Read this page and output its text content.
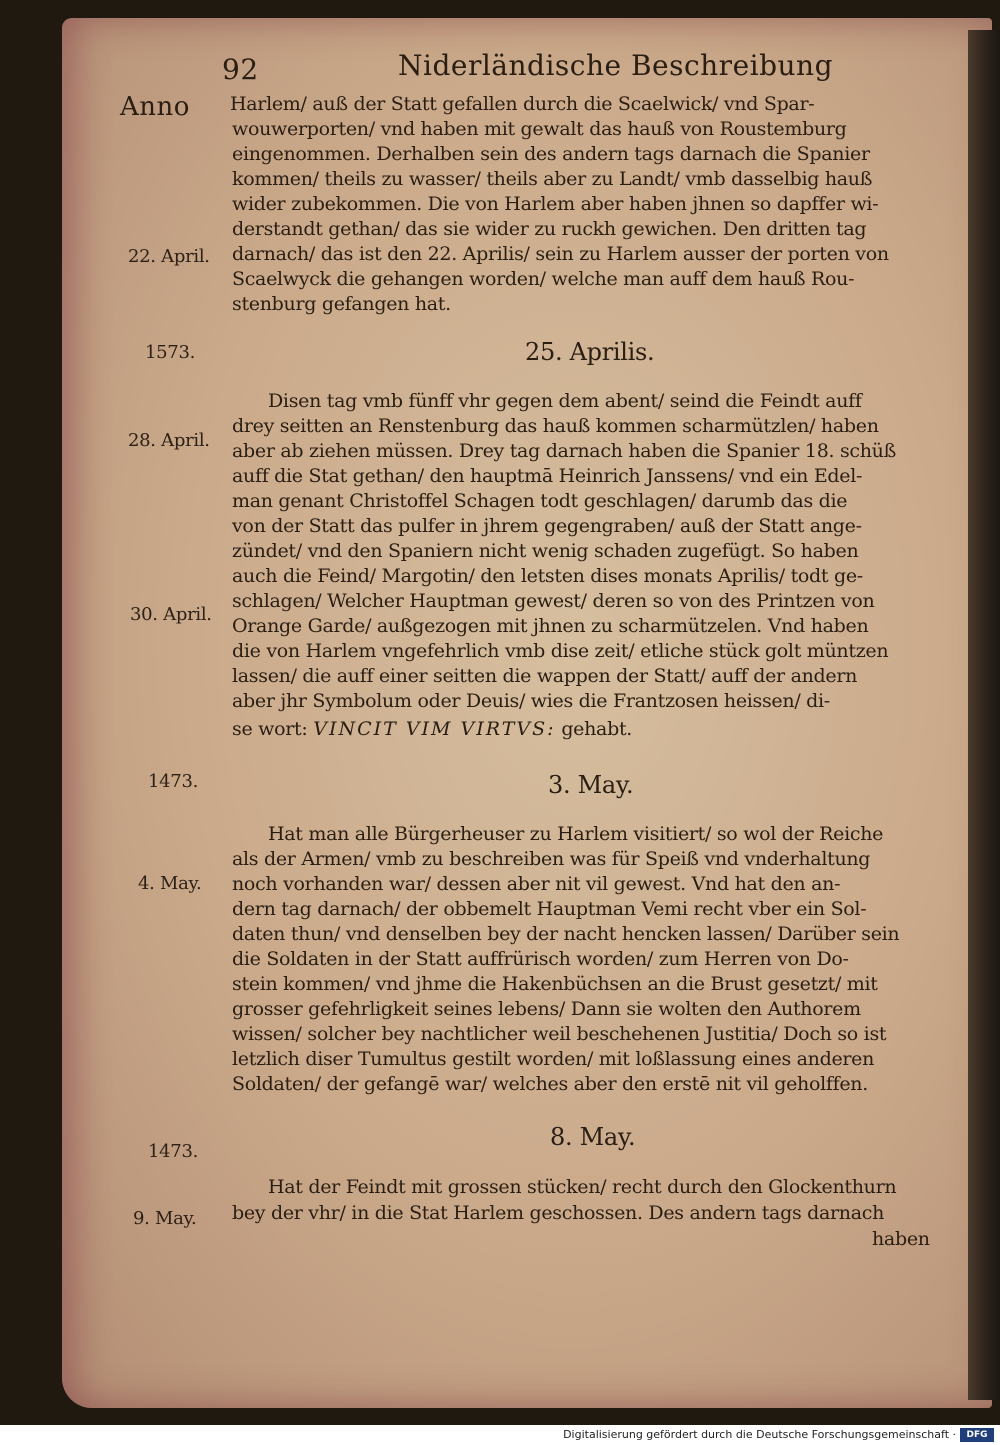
92	Niderländische Beschreibung
Anno
22. April.
1573.
28. April.
30. April.
1473.
4. May.
1473.
9. May.
Harlem/ auß der Statt gefallen durch die Scaelwick/ vnd Spar-
wouwerporten/ vnd haben mit gewalt das hauß von Roustemburg
eingenommen. Derhalben sein des andern tags darnach die Spanier
kommen/ theils zu wasser/ theils aber zu Landt/ vmb dasselbig hauß
wider zubekommen. Die von Harlem aber haben jhnen so dapffer wi-
derstandt gethan/ das sie wider zu ruckh gewichen. Den dritten tag
darnach/ das ist den 22. Aprilis/ sein zu Harlem ausser der porten von
Scaelwyck die gehangen worden/ welche man auff dem hauß Rou-
stenburg gefangen hat.
25. Aprilis.
Disen tag vmb fünff vhr gegen dem abent/ seind die Feindt auff
drey seitten an Renstenburg das hauß kommen scharmützlen/ haben
aber ab ziehen müssen. Drey tag darnach haben die Spanier 18. schüß
auff die Stat gethan/ den hauptmā Heinrich Janssens/ vnd ein Edel-
man genant Christoffel Schagen todt geschlagen/ darumb das die
von der Statt das pulfer in jhrem gegengraben/ auß der Statt ange-
zündet/ vnd den Spaniern nicht wenig schaden zugefügt. So haben
auch die Feind/ Margotin/ den letsten dises monats Aprilis/ todt ge-
schlagen/ Welcher Hauptman gewest/ deren so von des Printzen von
Orange Garde/ außgezogen mit jhnen zu scharmützelen. Vnd haben
die von Harlem vngefehrlich vmb dise zeit/ etliche stück golt müntzen
lassen/ die auff einer seitten die wappen der Statt/ auff der andern
aber jhr Symbolum oder Deuis/ wies die Frantzosen heissen/ di-
se wort: VINCIT VIM VIRTVS: gehabt.
3. May.
Hat man alle Bürgerheuser zu Harlem visitiert/ so wol der Reiche
als der Armen/ vmb zu beschreiben was für Speiß vnd vnderhaltung
noch vorhanden war/ dessen aber nit vil gewest. Vnd hat den an-
dern tag darnach/ der obbemelt Hauptman Vemi recht vber ein Sol-
daten thun/ vnd denselben bey der nacht hencken lassen/ Darüber sein
die Soldaten in der Statt auffrürisch worden/ zum Herren von Do-
stein kommen/ vnd jhme die Hakenbüchsen an die Brust gesetzt/ mit
grosser gefehrligkeit seines lebens/ Dann sie wolten den Authorem
wissen/ solcher bey nachtlicher weil beschehenen Justitia/ Doch so ist
letzlich diser Tumultus gestilt worden/ mit loßlassung eines anderen
Soldaten/ der gefangē war/ welches aber den erstē nit vil geholffen.
8. May.
Hat der Feindt mit grossen stücken/ recht durch den Glockenthurn
bey der vhr/ in die Stat Harlem geschossen. Des andern tags darnach
haben
Digitalisierung gefördert durch die Deutsche Forschungsgemeinschaft ·	DFG
